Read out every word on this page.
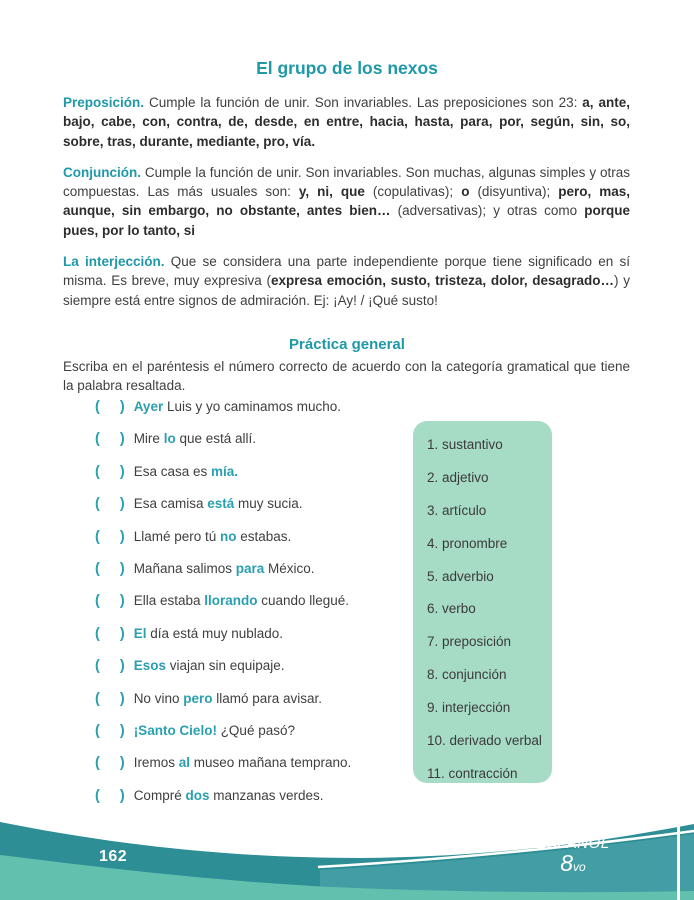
El grupo de los nexos

Preposición. Cumple la función de unir. Son invariables. Las preposiciones son 23: a, ante, bajo, cabe, con, contra, de, desde, en entre, hacia, hasta, para, por, según, sin, so, sobre, tras, durante, mediante, pro, vía.

Conjunción. Cumple la función de unir. Son invariables. Son muchas, algunas simples y otras compuestas. Las más usuales son: y, ni, que (copulativas); o (disyuntiva); pero, mas, aunque, sin embargo, no obstante, antes bien… (adversativas); y otras como porque pues, por lo tanto, si

La interjección. Que se considera una parte independiente porque tiene significado en sí misma. Es breve, muy expresiva (expresa emoción, susto, tristeza, dolor, desagrado…) y siempre está entre signos de admiración. Ej: ¡Ay! / ¡Qué susto!

Práctica general

Escriba en el paréntesis el número correcto de acuerdo con la categoría gramatical que tiene la palabra resaltada.

( ) Ayer Luis y yo caminamos mucho.
( ) Mire lo que está allí.
( ) Esa casa es mía.
( ) Esa camisa está muy sucia.
( ) Llamé pero tú no estabas.
( ) Mañana salimos para México.
( ) Ella estaba llorando cuando llegué.
( ) El día está muy nublado.
( ) Esos viajan sin equipaje.
( ) No vino pero llamó para avisar.
( ) ¡Santo Cielo! ¿Qué pasó?
( ) Iremos al museo mañana temprano.
( ) Compré dos manzanas verdes.
1. sustantivo
2. adjetivo
3. artículo
4. pronombre
5. adverbio
6. verbo
7. preposición
8. conjunción
9. interjección
10. derivado verbal
11. contracción
162
ESPAÑOL
8vo
